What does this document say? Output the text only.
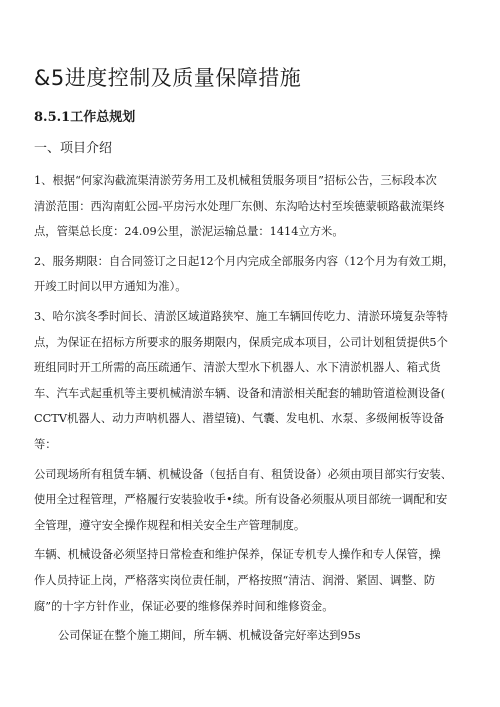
&5进度控制及质量保障措施
8.5.1工作总规划
一、项目介绍
1、根据“何家沟截流渠清淤劳务用工及机械租赁服务项目”招标公告，三标段本次
清淤范围：西沟南虹公园-平房污水处理厂东侧、东沟哈达村至埃德蒙顿路截流渠终
点，管渠总长度：24.09公里，淤泥运输总量：1414立方米。
2、服务期限：自合同签订之日起12个月内完成全部服务内容（12个月为有效工期，
开竣工时间以甲方通知为准）。
3、哈尔滨冬季时间长、清淤区域道路狭窄、施工车辆回传吃力、清淤环境复杂等特
点，为保证在招标方所要求的服务期限内，保质完成本项目，公司计划租赁提供5个
班组同时开工所需的高压疏通乍、清淤大型水下机器人、水下清淤机器人、箱式货
车、汽车式起重机等主要机械清淤车辆、设备和清淤相关配套的辅助管道检测设备(
CCTV机器人、动力声呐机器人、潜望镜)、气囊、发电机、水泵、多级闸板等设备
等：
公司现场所有租赁车辆、机械设备（包括自有、租赁设备）必须由项目部实行安装、
使用全过程管理，严格履行安装验收手•续。所有设备必须服从项目部统一调配和安
全管理，遵守安全操作规程和相关安全生产管理制度。
车辆、机械设备必须坚持日常检查和维护保养，保证专机专人操作和专人保管，操
作人员持证上岗，严格落实岗位责任制，严格按照“清洁、润滑、紧固、调整、防
腐”的十字方针作业，保证必要的维修保养时间和维修资金。
公司保证在整个施工期间，所车辆、机械设备完好率达到95s
